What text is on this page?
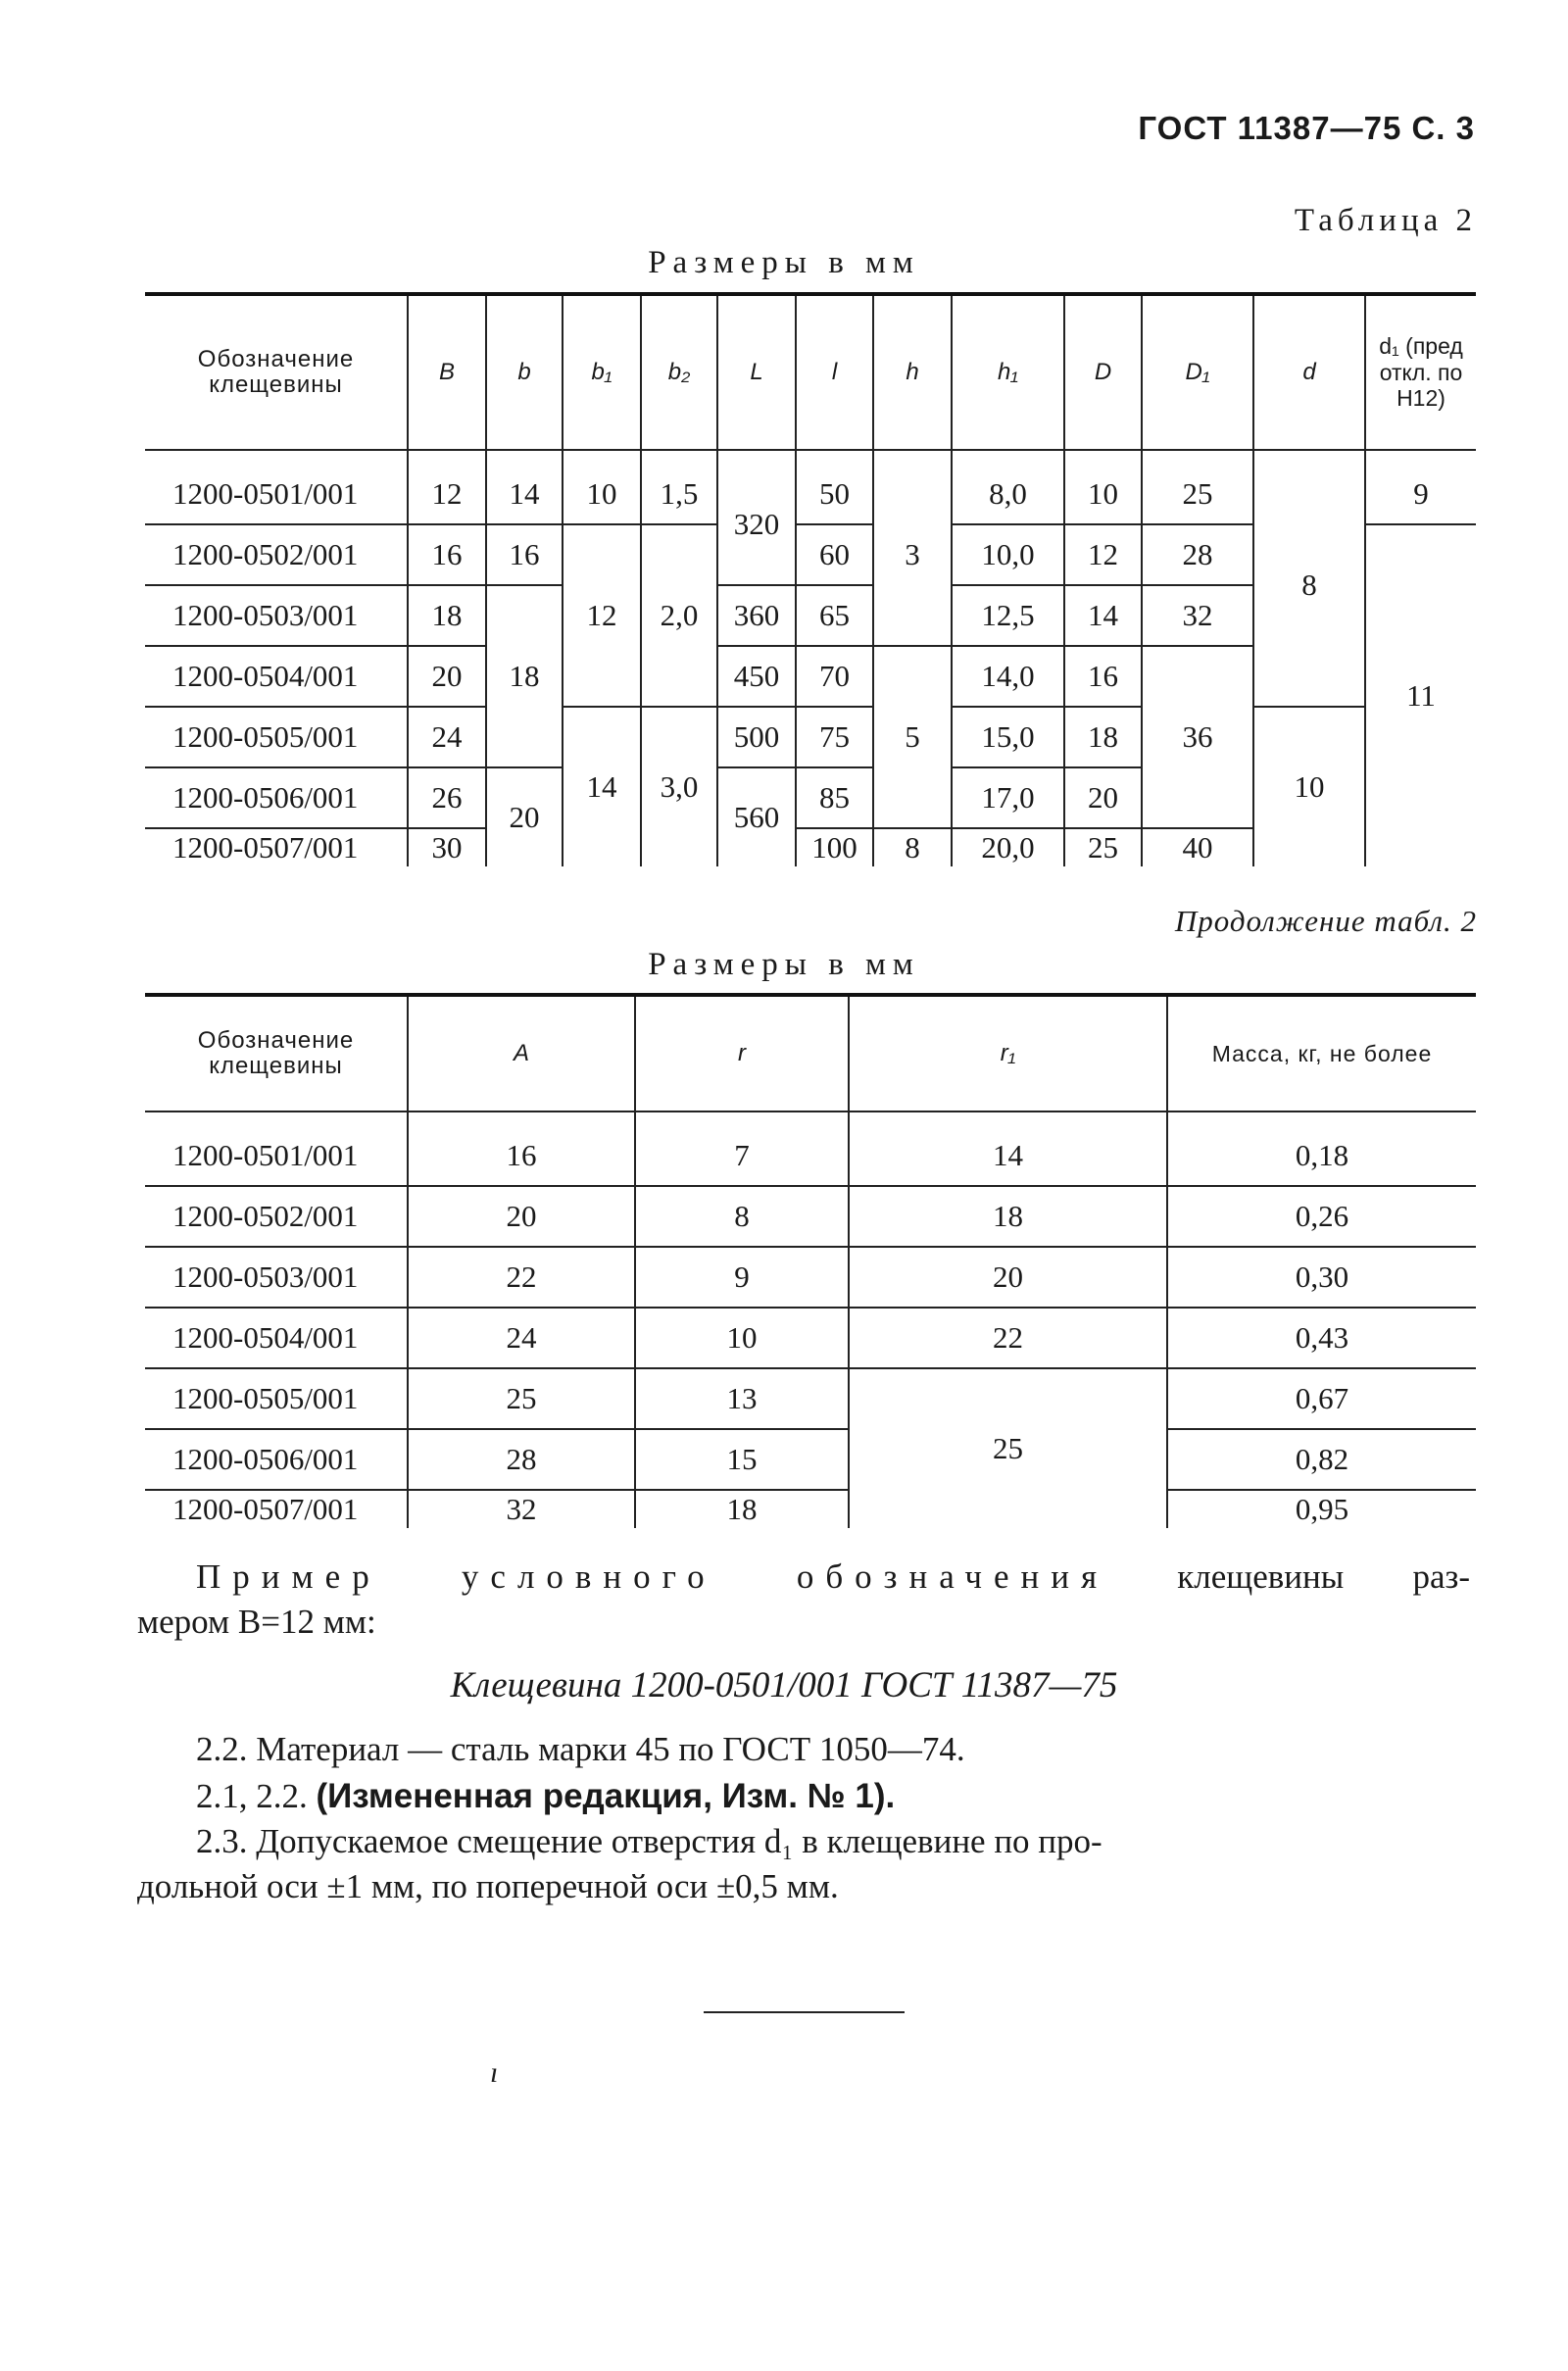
ГОСТ 11387—75 С. 3
Таблица 2
Размеры в мм
Обозначение клещевины	B	b	b₁	b₂	L	l	h	h₁	D	D₁	d	d₁ (пред откл. по H12)

1200-0501/001	12	14	10	1,5	320	50	3	8,0	10	25	8	9
1200-0502/001	16	16	12	2,0		60		10,0	12	28		11
1200-0503/001	18	18			360	65		12,5	14	32		
1200-0504/001	20				450	70	5	14,0	16	36		
1200-0505/001	24		14	3,0	500	75		15,0	18		10	
1200-0506/001	26	20			560	85		17,0	20			
1200-0507/001	30					100	8	20,0	25	40		
Продолжение табл. 2
Размеры в мм
Обозначение клещевины	A	r	r₁	Масса, кг, не более

1200-0501/001	16	7	14	0,18
1200-0502/001	20	8	18	0,26
1200-0503/001	22	9	20	0,30
1200-0504/001	24	10	22	0,43
1200-0505/001	25	13	25	0,67
1200-0506/001	28	15		0,82
1200-0507/001	32	18		0,95
Пример условного обозначения клещевины раз-
мером B=12 мм:
Клещевина 1200-0501/001 ГОСТ 11387—75
2.2. Материал — сталь марки 45 по ГОСТ 1050—74.
2.1, 2.2. (Измененная редакция, Изм. № 1).
2.3. Допускаемое смещение отверстия d₁ в клещевине по про-
дольной оси ±1 мм, по поперечной оси ±0,5 мм.
ı
